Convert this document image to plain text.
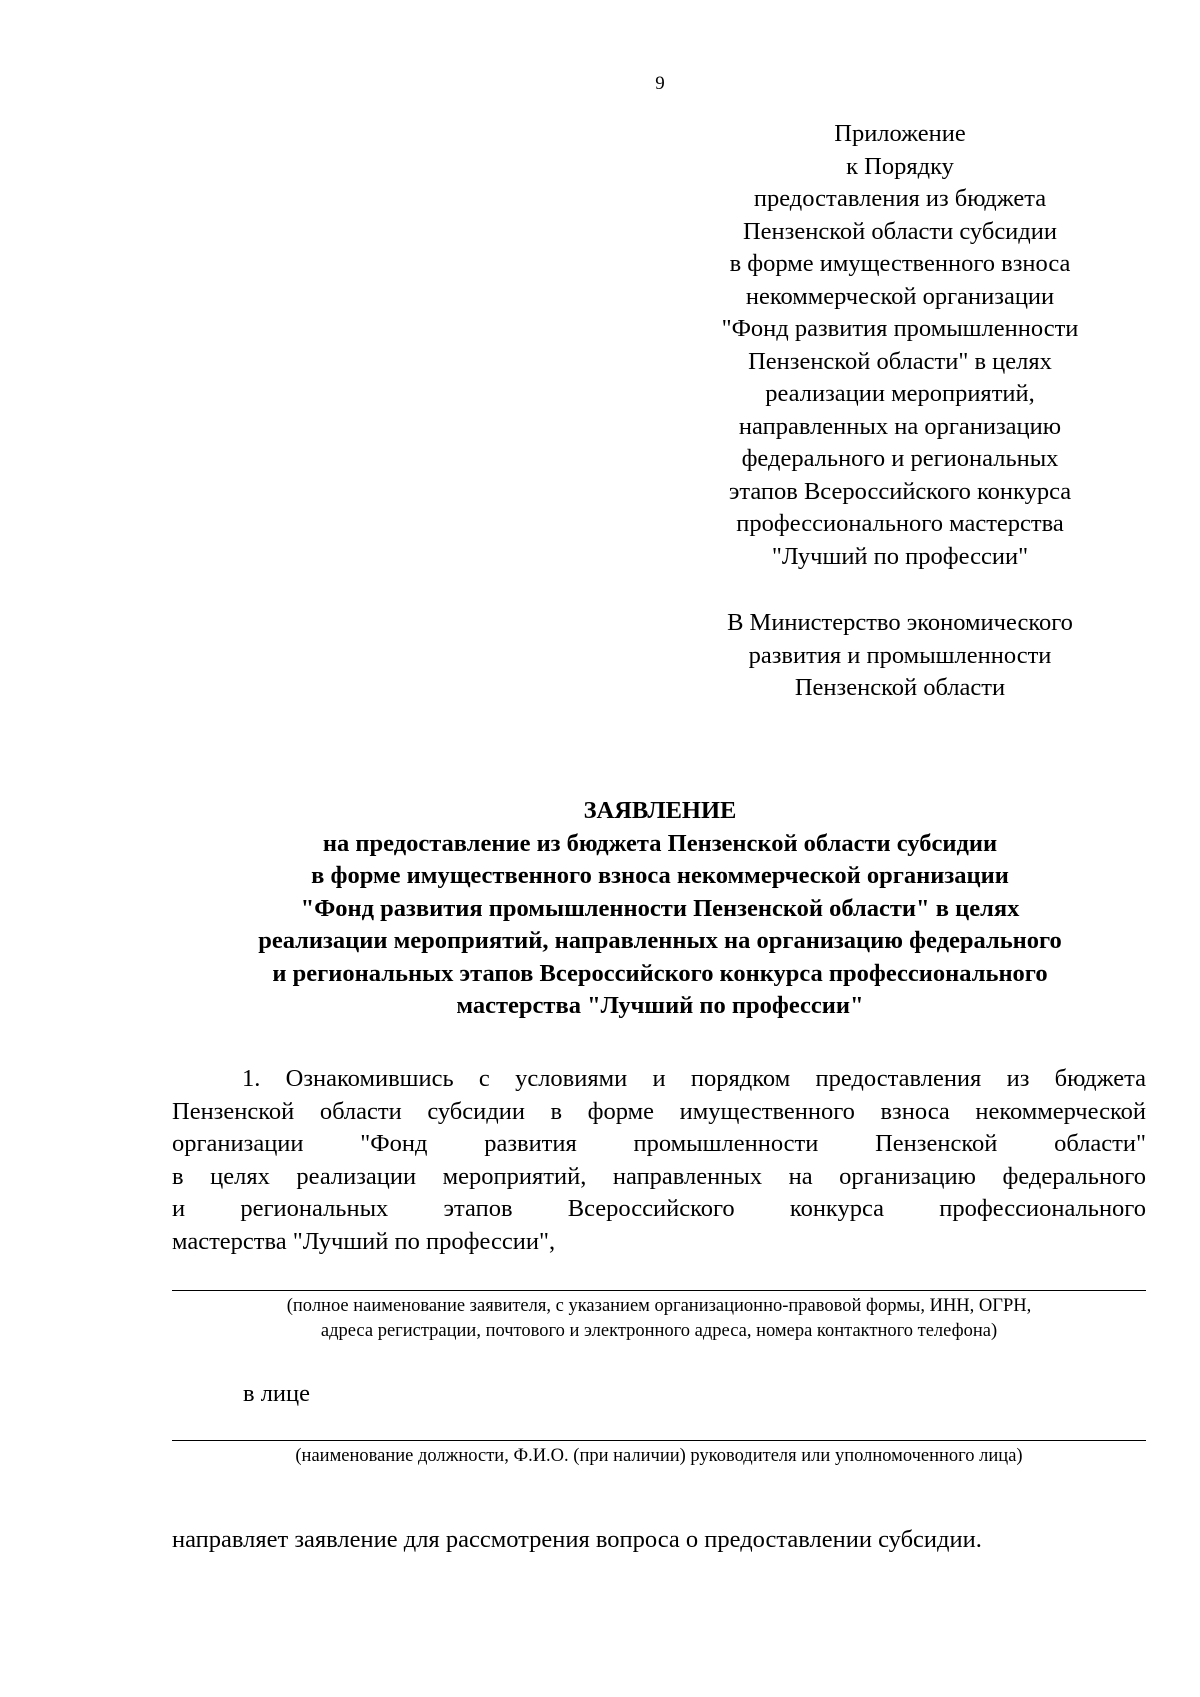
9
Приложение
к Порядку
предоставления из бюджета
Пензенской области субсидии
в форме имущественного взноса
некоммерческой организации
"Фонд развития промышленности
Пензенской области" в целях
реализации мероприятий,
направленных на организацию
федерального и региональных
этапов Всероссийского конкурса
профессионального мастерства
"Лучший по профессии"
В Министерство экономического
развития и промышленности
Пензенской области
ЗАЯВЛЕНИЕ
на предоставление из бюджета Пензенской области субсидии
в форме имущественного взноса некоммерческой организации
"Фонд развития промышленности Пензенской области" в целях
реализации мероприятий, направленных на организацию федерального
и региональных этапов Всероссийского конкурса профессионального
мастерства "Лучший по профессии"
1. Ознакомившись с условиями и порядком предоставления из бюджета
Пензенской области субсидии в форме имущественного взноса некоммерческой
организации "Фонд развития промышленности Пензенской области"
в целях реализации мероприятий, направленных на организацию федерального
и региональных этапов Всероссийского конкурса профессионального
мастерства "Лучший по профессии",
(полное наименование заявителя, с указанием организационно-правовой формы, ИНН, ОГРН,
адреса регистрации, почтового и электронного адреса, номера контактного телефона)
в лице
(наименование должности, Ф.И.О. (при наличии) руководителя или уполномоченного лица)
направляет заявление для рассмотрения вопроса о предоставлении субсидии.
